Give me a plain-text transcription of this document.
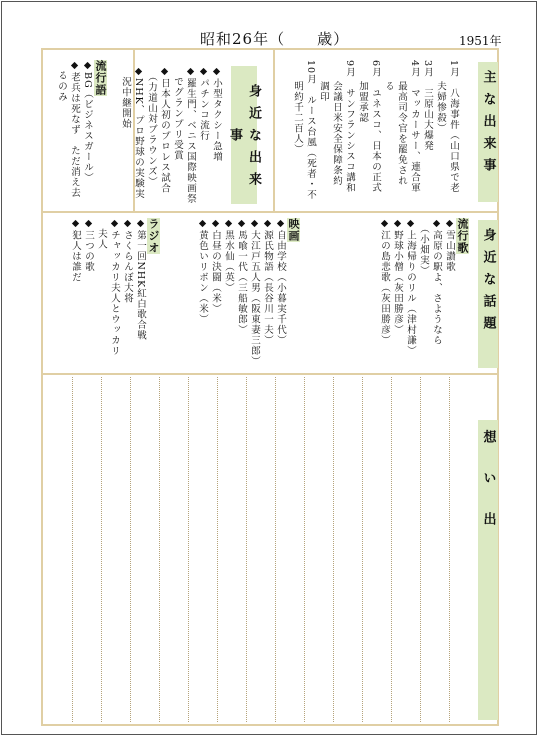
昭和26年（　　歳）	1951年
主な出来事
身近な出来事
身近な話題
想い出
1月　八海事件（山口県で老
　　夫婦惨殺）
3月　三原山大爆発
4月　マッカーサー、連合軍
　　最高司令官を罷免され
　　る
6月　ユネスコ、日本の正式
　　加盟承認
9月　サンフランシスコ講和
　　会議日米安全保障条約
　　調印
10月　ルース台風（死者・不
　　明約千二百人）
◆小型タクシー急増
◆パチンコ流行
◆羅生門、ベニス国際映画祭
　でグランプリ受賞
◆日本人初のプロレス試合
　（力道山対ブラウンズ）
◆NHK、プロ野球の実験実
　況中継開始
流行語
◆BG（ビジネスガール）
◆老兵は死なず　ただ消え去
　るのみ
流行歌
◆雪山讃歌
◆高原の駅よ、さようなら
　（小畑実）
◆上海帰りのリル（津村謙）
◆野球小僧（灰田勝彦）
◆江の島悲歌（灰田勝彦）
映画
◆自由学校（小暮実千代）
◆源氏物語（長谷川一夫）
◆大江戸五人男（阪東妻三郎）
◆馬喰一代（三船敏郎）
◆黒水仙（英）
◆白昼の決闘（米）
◆黄色いリボン（米）
ラジオ
◆第一回NHK紅白歌合戦
◆さくらんぼ大将
◆チャッカリ夫人とウッカリ
　夫人
◆三つの歌
◆犯人は誰だ
